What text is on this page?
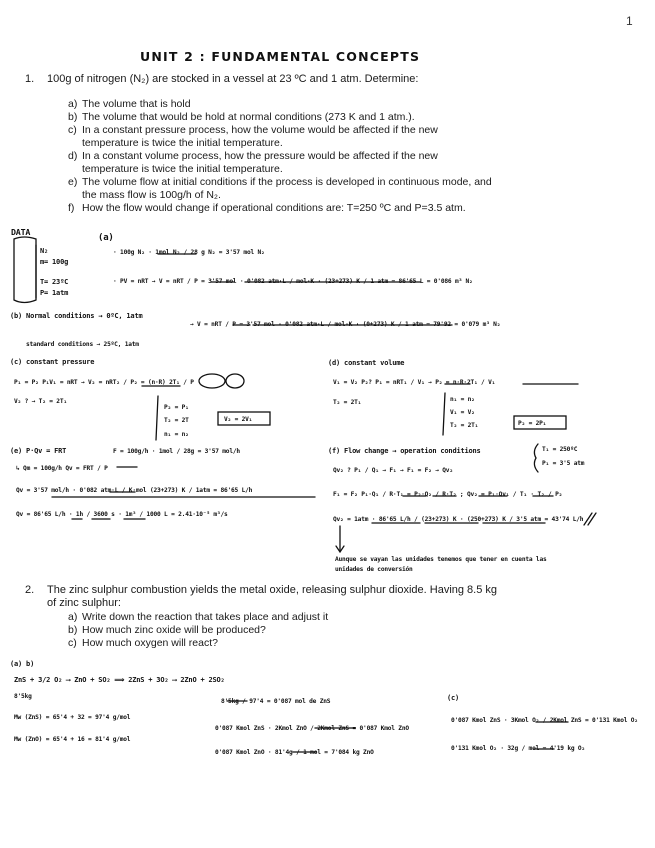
1
UNIT 2 : FUNDAMENTAL CONCEPTS
1. 100g of nitrogen (N₂) are stocked in a vessel at 23 ºC and 1 atm. Determine:
a) The volume that is hold
b) The volume that would be hold at normal conditions (273 K and 1 atm.).
c) In a constant pressure process, how the volume would be affected if the new
temperature is twice the initial temperature.
d) In a constant volume process, how the pressure would be affected if the new
temperature is twice the initial temperature.
e) The volume flow at initial conditions if the process is developed in continuous mode, and
the mass flow is 100g/h of N₂.
f) How the flow would change if operational conditions are: T=250 ºC and P=3.5 atm.
DATA
N₂
m= 100g
T= 23ºC
P= 1atm
(a)
· 100g N₂ · 1mol N₂ / 28 g N₂ = 3'57 mol N₂
· PV = nRT → V = nRT / P = 3'57 mol · 0'082 atm·L / mol·K · (23+273) K / 1 atm = 86'65 L = 0'086 m³ N₂
(b) Normal conditions → 0ºC, 1atm
→ V = nRT / P = 3'57 mol · 0'082 atm·L / mol·K · (0+273) K / 1 atm = 79'92 = 0'079 m³ N₂
standard conditions → 25ºC, 1atm
(c) constant pressure
P₁ = P₂ P₁V₁ = nRT → V₂ = nRT₂ / P₂ = (n·R) 2T₁ / P
V₂ ? → T₂ = 2T₁
P₂ = P₁
T₂ = 2T
n₁ = n₂
V₂ = 2V₁
(d) constant volume
V₁ = V₂ P₂? P₁ = nRT₁ / V₁ → P₂ = n·R·2T₁ / V₁
T₂ = 2T₁	n₁ = n₂
V₁ = V₂
T₂ = 2T₁	P₂ = 2P₁
(e) P·Qv = FRT	F = 100g/h · 1mol / 28g = 3'57 mol/h
↳ Qm = 100g/h Qv = FRT / P
Qv = 3'57 mol/h · 0'082 atm·L / K·mol (23+273) K / 1atm = 86'65 L/h
Qv = 86'65 L/h · 1h / 3600 s · 1m³ / 1000 L = 2.41·10⁻⁵ m³/s
(f) Flow change → operation conditions	T₁ = 250ºC
P₁ = 3'5 atm
Qv₂ ? P₁ / Q₁ → F₁ → F₁ = F₂ → Qv₂
F₁ = F₂ P₁·Q₁ / R·T₁ = P₂·Q₂ / R·T₂ ; Qv₂ = P₁·Qv₁ / T₁ · T₂ / P₂
Qv₂ = 1atm · 86'65 L/h / (23+273) K · (250+273) K / 3'5 atm = 43'74 L/h
Aunque se vayan las unidades tenemos que tener en cuenta las
unidades de conversión
2. The zinc sulphur combustion yields the metal oxide, releasing sulphur dioxide. Having 8.5 kg
of zinc sulphur:
a) Write down the reaction that takes place and adjust it
b) How much zinc oxide will be produced?
c) How much oxygen will react?
(a) b)
ZnS + 3/2 O₂ ⟶ ZnO + SO₂ ⟹ 2ZnS + 3O₂ ⟶ 2ZnO + 2SO₂
8'5kg
Mw (ZnS) = 65'4 + 32 = 97'4 g/mol
Mw (ZnO) = 65'4 + 16 = 81'4 g/mol
8'5kg / 97'4 = 0'087 mol de ZnS
0'087 Kmol ZnS · 2Kmol ZnO / 2Kmol ZnS = 0'087 Kmol ZnO
0'087 Kmol ZnO · 81'4g / 1 mol = 7'084 kg ZnO
(c)
0'087 Kmol ZnS · 3Kmol O₂ / 2Kmol ZnS = 0'131 Kmol O₂
0'131 Kmol O₂ · 32g / mol = 4'19 kg O₂
